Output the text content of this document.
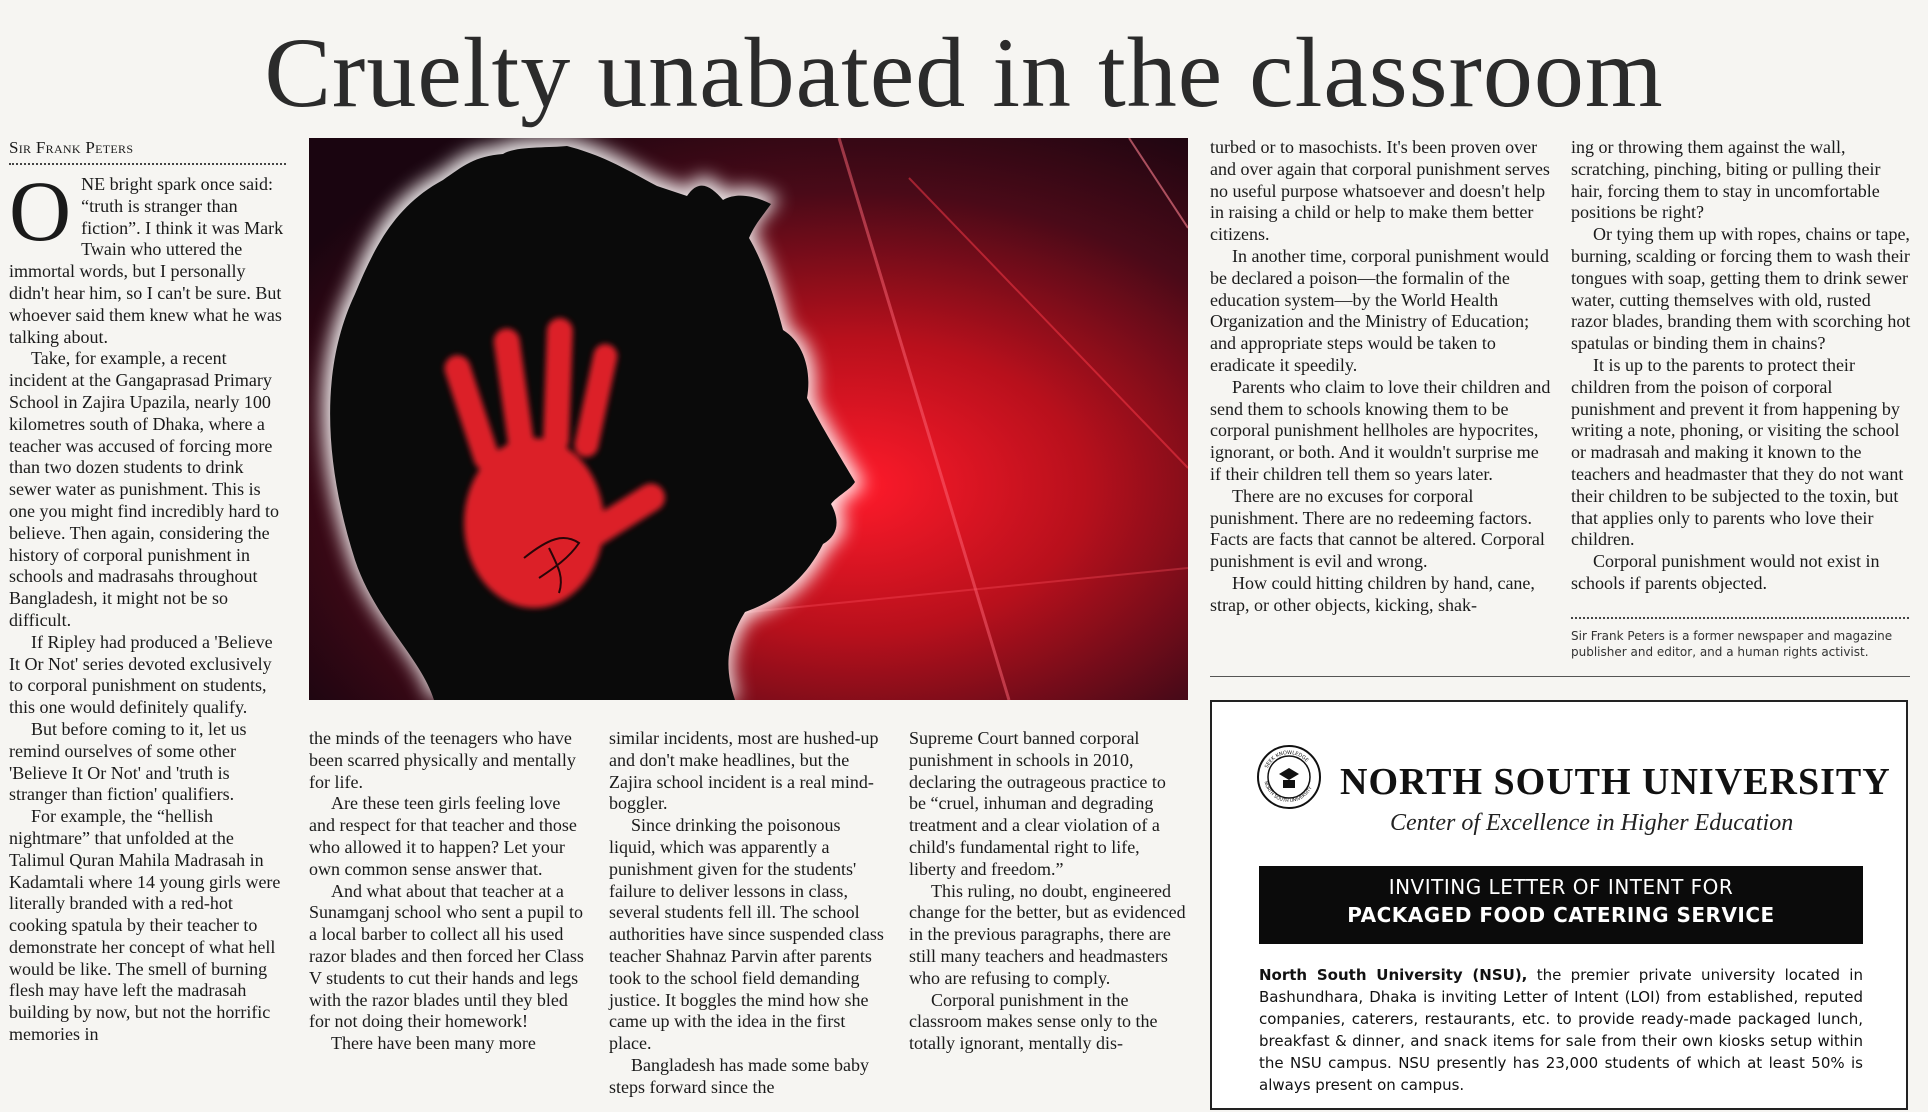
Cruelty unabated in the classroom
Sir Frank Peters

ONE bright spark once said: “truth is stranger than fiction”. I think it was Mark Twain who uttered the immortal words, but I personally didn't hear him, so I can't be sure. But whoever said them knew what he was talking about.

Take, for example, a recent incident at the Gangaprasad Primary School in Zajira Upazila, nearly 100 kilometres south of Dhaka, where a teacher was accused of forcing more than two dozen students to drink sewer water as punishment. This is one you might find incredibly hard to believe. Then again, considering the history of corporal punishment in schools and madrasahs throughout Bangladesh, it might not be so difficult.

If Ripley had produced a 'Believe It Or Not' series devoted exclusively to corporal punishment on students, this one would definitely qualify.

But before coming to it, let us remind ourselves of some other 'Believe It Or Not' and 'truth is stranger than fiction' qualifiers.

For example, the “hellish nightmare” that unfolded at the Talimul Quran Mahila Madrasah in Kadamtali where 14 young girls were literally branded with a red-hot cooking spatula by their teacher to demonstrate her concept of what hell would be like. The smell of burning flesh may have left the madrasah building by now, but not the horrific memories in

the minds of the teenagers who have been scarred physically and mentally for life.

Are these teen girls feeling love and respect for that teacher and those who allowed it to happen? Let your own common sense answer that.

And what about that teacher at a Sunamganj school who sent a pupil to a local barber to collect all his used razor blades and then forced her Class V students to cut their hands and legs with the razor blades until they bled for not doing their homework!

There have been many more

similar incidents, most are hushed-up and don't make headlines, but the Zajira school incident is a real mind-boggler.

Since drinking the poisonous liquid, which was apparently a punishment given for the students' failure to deliver lessons in class, several students fell ill. The school authorities have since suspended class teacher Shahnaz Parvin after parents took to the school field demanding justice. It boggles the mind how she came up with the idea in the first place.

Bangladesh has made some baby steps forward since the

Supreme Court banned corporal punishment in schools in 2010, declaring the outrageous practice to be “cruel, inhuman and degrading treatment and a clear violation of a child's fundamental right to life, liberty and freedom.”

This ruling, no doubt, engineered change for the better, but as evidenced in the previous paragraphs, there are still many teachers and headmasters who are refusing to comply.

Corporal punishment in the classroom makes sense only to the totally ignorant, mentally dis-

turbed or to masochists. It's been proven over and over again that corporal punishment serves no useful purpose whatsoever and doesn't help in raising a child or help to make them better citizens.

In another time, corporal punishment would be declared a poison—the formalin of the education system—by the World Health Organization and the Ministry of Education; and appropriate steps would be taken to eradicate it speedily.

Parents who claim to love their children and send them to schools knowing them to be corporal punishment hellholes are hypocrites, ignorant, or both. And it wouldn't surprise me if their children tell them so years later.

There are no excuses for corporal punishment. There are no redeeming factors. Facts are facts that cannot be altered. Corporal punishment is evil and wrong.

How could hitting children by hand, cane, strap, or other objects, kicking, shak-

ing or throwing them against the wall, scratching, pinching, biting or pulling their hair, forcing them to stay in uncomfortable positions be right?

Or tying them up with ropes, chains or tape, burning, scalding or forcing them to wash their tongues with soap, getting them to drink sewer water, cutting themselves with old, rusted razor blades, branding them with scorching hot spatulas or binding them in chains?

It is up to the parents to protect their children from the poison of corporal punishment and prevent it from happening by writing a note, phoning, or visiting the school or madrasah and making it known to the teachers and headmaster that they do not want their children to be subjected to the toxin, but that applies only to parents who love their children.

Corporal punishment would not exist in schools if parents objected.

Sir Frank Peters is a former newspaper and magazine publisher and editor, and a human rights activist.
SEEK KNOWLEDGE
NORTH SOUTH UNIVERSITY NORTH SOUTH UNIVERSITY
Center of Excellence in Higher Education
INVITING LETTER OF INTENT FOR
PACKAGED FOOD CATERING SERVICE
North South University (NSU), the premier private university located in Bashundhara, Dhaka is inviting Letter of Intent (LOI) from established, reputed companies, caterers, restaurants, etc. to provide ready-made packaged lunch, breakfast & dinner, and snack items for sale from their own kiosks setup within the NSU campus. NSU presently has 23,000 students of which at least 50% is always present on campus.
